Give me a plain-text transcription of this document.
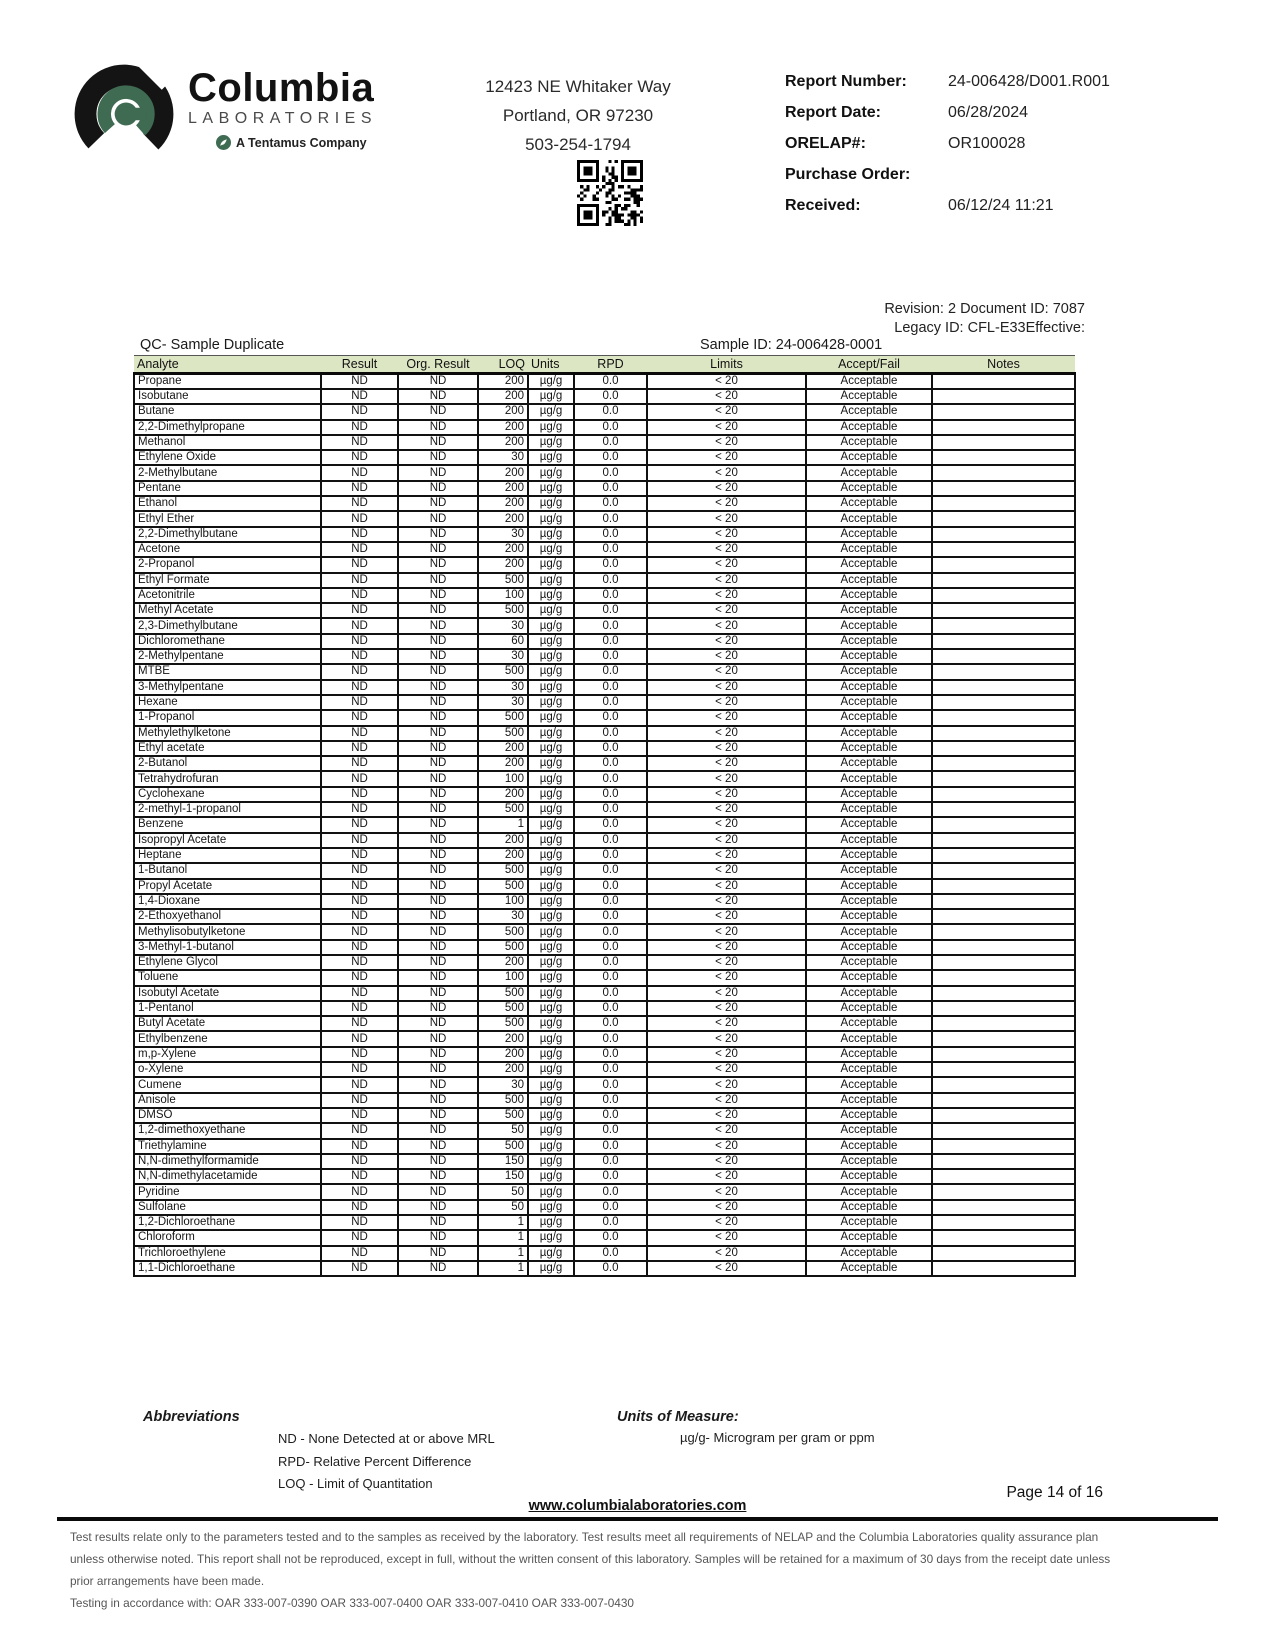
Columbia
LABORATORIES
A Tentamus Company
12423 NE Whitaker Way
Portland, OR 97230
503-254-1794
Report Number:	24-006428/D001.R001
Report Date:	06/28/2024
ORELAP#:	OR100028
Purchase Order:
Received:	06/12/24 11:21
Revision: 2 Document ID: 7087
Legacy ID: CFL-E33Effective:
QC- Sample Duplicate	Sample ID: 24-006428-0001
Analyte	Result	Org. Result	LOQ	Units	RPD	Limits	Accept/Fail	Notes
Propane	ND	ND	200	µg/g	0.0	< 20	Acceptable	
Isobutane	ND	ND	200	µg/g	0.0	< 20	Acceptable	
Butane	ND	ND	200	µg/g	0.0	< 20	Acceptable	
2,2-Dimethylpropane	ND	ND	200	µg/g	0.0	< 20	Acceptable	
Methanol	ND	ND	200	µg/g	0.0	< 20	Acceptable	
Ethylene Oxide	ND	ND	30	µg/g	0.0	< 20	Acceptable	
2-Methylbutane	ND	ND	200	µg/g	0.0	< 20	Acceptable	
Pentane	ND	ND	200	µg/g	0.0	< 20	Acceptable	
Ethanol	ND	ND	200	µg/g	0.0	< 20	Acceptable	
Ethyl Ether	ND	ND	200	µg/g	0.0	< 20	Acceptable	
2,2-Dimethylbutane	ND	ND	30	µg/g	0.0	< 20	Acceptable	
Acetone	ND	ND	200	µg/g	0.0	< 20	Acceptable	
2-Propanol	ND	ND	200	µg/g	0.0	< 20	Acceptable	
Ethyl Formate	ND	ND	500	µg/g	0.0	< 20	Acceptable	
Acetonitrile	ND	ND	100	µg/g	0.0	< 20	Acceptable	
Methyl Acetate	ND	ND	500	µg/g	0.0	< 20	Acceptable	
2,3-Dimethylbutane	ND	ND	30	µg/g	0.0	< 20	Acceptable	
Dichloromethane	ND	ND	60	µg/g	0.0	< 20	Acceptable	
2-Methylpentane	ND	ND	30	µg/g	0.0	< 20	Acceptable	
MTBE	ND	ND	500	µg/g	0.0	< 20	Acceptable	
3-Methylpentane	ND	ND	30	µg/g	0.0	< 20	Acceptable	
Hexane	ND	ND	30	µg/g	0.0	< 20	Acceptable	
1-Propanol	ND	ND	500	µg/g	0.0	< 20	Acceptable	
Methylethylketone	ND	ND	500	µg/g	0.0	< 20	Acceptable	
Ethyl acetate	ND	ND	200	µg/g	0.0	< 20	Acceptable	
2-Butanol	ND	ND	200	µg/g	0.0	< 20	Acceptable	
Tetrahydrofuran	ND	ND	100	µg/g	0.0	< 20	Acceptable	
Cyclohexane	ND	ND	200	µg/g	0.0	< 20	Acceptable	
2-methyl-1-propanol	ND	ND	500	µg/g	0.0	< 20	Acceptable	
Benzene	ND	ND	1	µg/g	0.0	< 20	Acceptable	
Isopropyl Acetate	ND	ND	200	µg/g	0.0	< 20	Acceptable	
Heptane	ND	ND	200	µg/g	0.0	< 20	Acceptable	
1-Butanol	ND	ND	500	µg/g	0.0	< 20	Acceptable	
Propyl Acetate	ND	ND	500	µg/g	0.0	< 20	Acceptable	
1,4-Dioxane	ND	ND	100	µg/g	0.0	< 20	Acceptable	
2-Ethoxyethanol	ND	ND	30	µg/g	0.0	< 20	Acceptable	
Methylisobutylketone	ND	ND	500	µg/g	0.0	< 20	Acceptable	
3-Methyl-1-butanol	ND	ND	500	µg/g	0.0	< 20	Acceptable	
Ethylene Glycol	ND	ND	200	µg/g	0.0	< 20	Acceptable	
Toluene	ND	ND	100	µg/g	0.0	< 20	Acceptable	
Isobutyl Acetate	ND	ND	500	µg/g	0.0	< 20	Acceptable	
1-Pentanol	ND	ND	500	µg/g	0.0	< 20	Acceptable	
Butyl Acetate	ND	ND	500	µg/g	0.0	< 20	Acceptable	
Ethylbenzene	ND	ND	200	µg/g	0.0	< 20	Acceptable	
m,p-Xylene	ND	ND	200	µg/g	0.0	< 20	Acceptable	
o-Xylene	ND	ND	200	µg/g	0.0	< 20	Acceptable	
Cumene	ND	ND	30	µg/g	0.0	< 20	Acceptable	
Anisole	ND	ND	500	µg/g	0.0	< 20	Acceptable	
DMSO	ND	ND	500	µg/g	0.0	< 20	Acceptable	
1,2-dimethoxyethane	ND	ND	50	µg/g	0.0	< 20	Acceptable	
Triethylamine	ND	ND	500	µg/g	0.0	< 20	Acceptable	
N,N-dimethylformamide	ND	ND	150	µg/g	0.0	< 20	Acceptable	
N,N-dimethylacetamide	ND	ND	150	µg/g	0.0	< 20	Acceptable	
Pyridine	ND	ND	50	µg/g	0.0	< 20	Acceptable	
Sulfolane	ND	ND	50	µg/g	0.0	< 20	Acceptable	
1,2-Dichloroethane	ND	ND	1	µg/g	0.0	< 20	Acceptable	
Chloroform	ND	ND	1	µg/g	0.0	< 20	Acceptable	
Trichloroethylene	ND	ND	1	µg/g	0.0	< 20	Acceptable	
1,1-Dichloroethane	ND	ND	1	µg/g	0.0	< 20	Acceptable	
Abbreviations
ND - None Detected at or above MRL
RPD- Relative Percent Difference
LOQ - Limit of Quantitation
Units of Measure:
µg/g- Microgram per gram or ppm
Page 14 of 16
www.columbialaboratories.com
Test results relate only to the parameters tested and to the samples as received by the laboratory. Test results meet all requirements of NELAP and the Columbia Laboratories quality assurance plan unless otherwise noted. This report shall not be reproduced, except in full, without the written consent of this laboratory. Samples will be retained for a maximum of 30 days from the receipt date unless prior arrangements have been made.
Testing in accordance with: OAR 333-007-0390 OAR 333-007-0400 OAR 333-007-0410 OAR 333-007-0430
